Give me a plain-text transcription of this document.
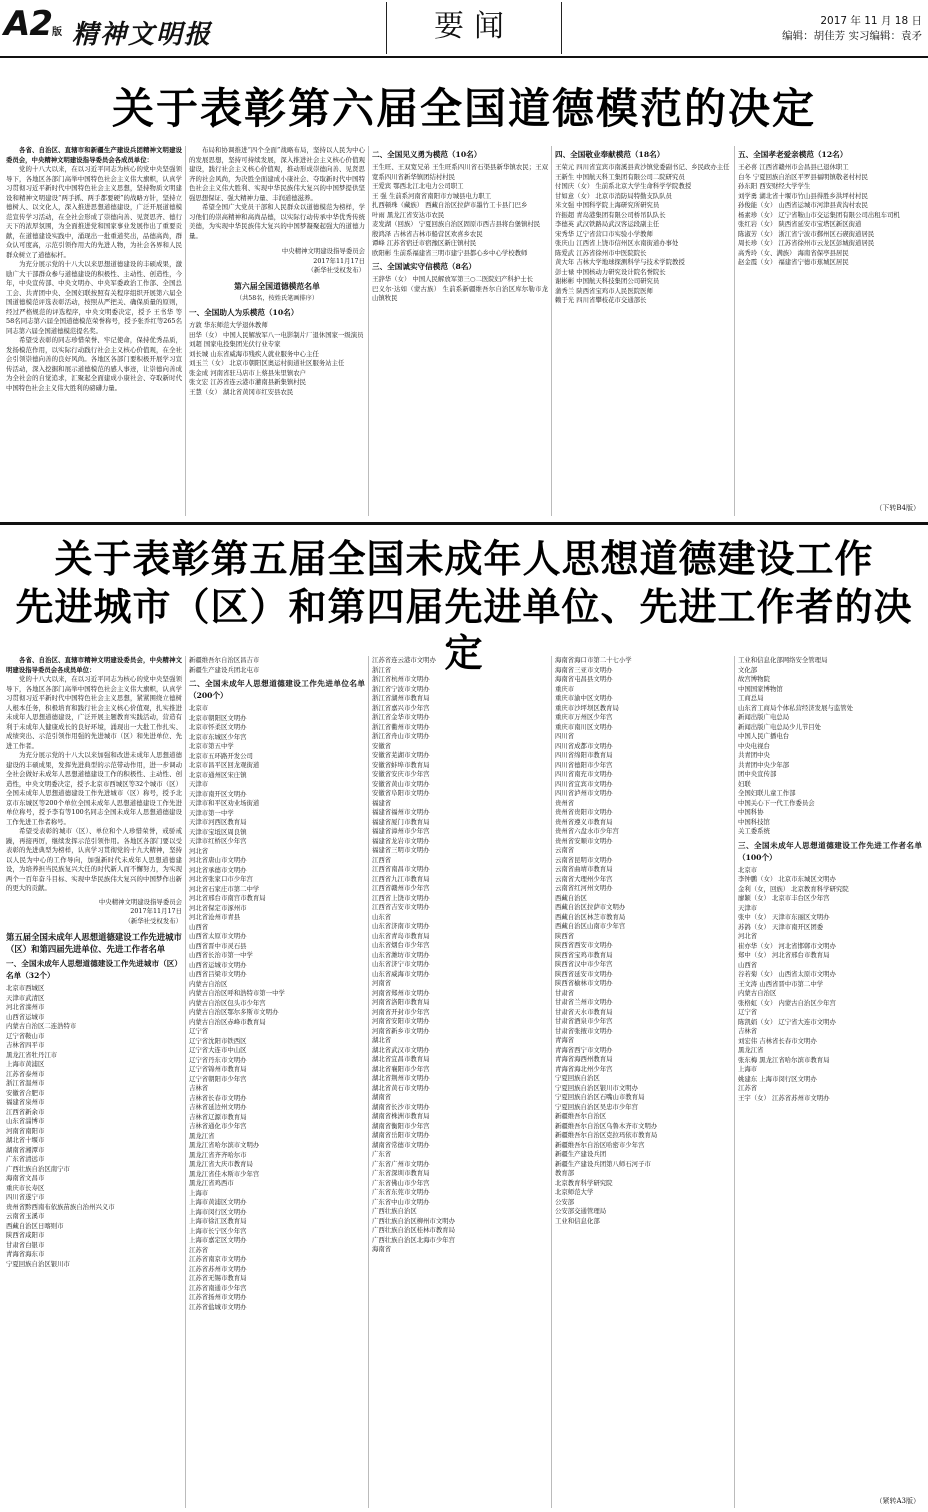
A2版 精神文明报	要闻	2017 年 11 月 18 日
编辑：胡佳芳 实习编辑：袁矛
关于表彰第六届全国道德模范的决定

各省、自治区、直辖市和新疆生产建设兵团精神文明建设委员会，中央精神文明建设指导委员会各成员单位：

党的十八大以来，在以习近平同志为核心的党中央坚强领导下，各地区各部门高举中国特色社会主义伟大旗帜，认真学习贯彻习近平新时代中国特色社会主义思想，坚持物质文明建设和精神文明建设“两手抓、两手都要硬”的战略方针，坚持立德树人、以文化人，深入推进思想道德建设，广泛开展道德模范宣传学习活动，在全社会形成了崇德向善、见贤思齐、德行天下的浓厚氛围，为全面推进党和国家事业发展作出了重要贡献，在道德建设实践中，涌现出一批重道奖出，品德高尚，群众认可度高，示范引领作用大的先进人物，为社会各界和人民群众树立了道德标杆。

为充分展示党的十八大以来思想道德建设的丰硕成果，激励广大干部群众参与道德建设的积极性、主动性、创造性，今年，中央宣传部、中央文明办、中央军委政治工作部、全国总工会、共青团中央、全国妇联按照有关程序组织开展第六届全国道德模范评选表彰活动，按照从严把关、确保质量的原则，经过严格规范的评选程序，中央文明委决定，授予 王书华 等58名同志第六届全国道德模范荣誉称号，授予张乔红等265名同志第六届全国道德模范提名奖。

希望受表彰的同志珍惜荣誉、牢记使命，保持优秀品质，发扬模范作用，以实际行动践行社会主义核心价值观，在全社会引领崇德向善的良好风尚。各地区各部门要积极开展学习宣传活动，深入挖掘和展示道德模范的感人事迹，让崇德向善成为全社会的自觉追求，汇聚起全面建成小康社会、夺取新时代中国特色社会主义伟大胜利的磅礴力量。

布局和协调推进“四个全面”战略布局，坚持以人民为中心的发展思想，坚持可持续发展，深入推进社会主义核心价值观建设，践行社会主义核心价值观，推动形成崇德向善、见贤思齐的社会风尚，为决胜全面建成小康社会、夺取新时代中国特色社会主义伟大胜利、实现中华民族伟大复兴的中国梦提供坚强思想保证、强大精神力量、丰润道德滋养。

希望全国广大党员干部和人民群众以道德模范为榜样，学习他们的崇高精神和高尚品德，以实际行动传承中华优秀传统美德，为实现中华民族伟大复兴的中国梦凝聚起强大的道德力量。

中央精神文明建设指导委员会

2017年11月17日

（新华社受权发布）

第六届全国道德模范名单

（共58名，按姓氏笔画排序）

一、全国助人为乐模范（10名）

方敦 华东师范大学退休教师
田华（女） 中国人民解放军八一电影制片厂退休国家一级演员
刘超 国家电投集团光伏行业专家
刘长城 山东省威海市残疾人就业服务中心主任
刘玉兰（女） 北京市朝阳区奥运村街道社区服务站主任
张金成 河南省驻马店市上蔡县朱里镇农户
张文宏 江苏省连云港市灌南县新集镇村民
王慧（女） 湖北省黄冈市红安县农民

二、全国见义勇为模范（10名）

王生旺、王双宽兄弟 王生旺系四川省石渠县新华镇农民；王双宽系四川省新华镇团结村村民
王爱宾 鄂西北江北电力公司职工
王 强 生前系河南省南阳市方城县电力职工
扎西顿珠（藏族） 西藏自治区拉萨市墨竹工卡县门巴乡
叶雨 黑龙江省安达市农民
麦发湖（回族） 宁夏回族自治区固原市西吉县将台堡镇村民
殷鸿泽 吉林省吉林市船营区欢喜乡农民
谭峰 江苏省宿迁市宿豫区新庄镇村民
欧阳彬 生前系福建省三明市建宁县都心乡中心学校教师

三、全国诚实守信模范（8名）

王辞华（女） 中国人民解放军第三○二医院妇产科护士长
巴义尔·达如（蒙古族） 生前系新疆维吾尔自治区库尔勒市龙山镇牧民

四、全国敬业奉献模范（18名）

王荣元 四川省宜宾市南溪县黄沙镇党委副书记、乡民政办主任
王新生 中国航天科工集团有限公司二院研究员
付国庆（女） 生前系北京大学生命科学学院教授
甘如意（女） 北京市消防局特勤支队队员
米文强 中国科学院上海研究所研究员
许振超 青岛港集团有限公司桥吊队队长
李德英 武汉铁路局武汉客运段副主任
宋秀华 辽宁省营口市实验小学教师
张庆山 江西省上饶市信州区水南街道办事处
陈爱武 江苏省徐州市中医院院长
黄大年 吉林大学地球探测科学与技术学院教授
彭士禄 中国核动力研究设计院名誉院长
谢彬彬 中国航天科技集团公司研究员
蒲秀兰 陕西省宝鸡市人民医院医师
赖于光 四川省攀枝花市交通部长

五、全国孝老爱亲模范（12名）

王必喜 江西省赣州市会昌县已退休职工
白冬 宁夏回族自治区平罗县福明镇敬老村村民
孙东阳 西安财经大学学生
刘学勇 湖北省十堰市竹山县得胜乡洪坪村村民
孙俊能（女） 山西省运城市河津县黄沟村农民
杨素珍（女） 辽宁省鞍山市交运集团有限公司出租车司机
张红岩（女） 陕西省延安市宝塔区新区街道
陈淑芳（女） 浙江省宁波市鄞州区石碶街道居民
周长珍（女） 江苏省徐州市云龙区彭城街道居民
高秀玲（女、满族） 海南省保亭县居民
赵金霞（女） 福建省宁德市蕉城区居民
（下转B4版）
关于表彰第五届全国未成年人思想道德建设工作
先进城市（区）和第四届先进单位、先进工作者的决定

各省、自治区、直辖市精神文明建设委员会，中央精神文明建设指导委员会各成员单位：

党的十八大以来，在以习近平同志为核心的党中央坚强领导下，各地区各部门高举中国特色社会主义伟大旗帜，认真学习贯彻习近平新时代中国特色社会主义思想，紧紧围绕立德树人根本任务，积极培育和践行社会主义核心价值观，扎实推进未成年人思想道德建设，广泛开展主题教育实践活动，营造有利于未成年人健康成长的良好环境，涌现出一大批工作扎实、成绩突出、示范引领作用强的先进城市（区）和先进单位、先进工作者。

为充分展示党的十八大以来加强和改进未成年人思想道德建设的丰硕成果，发挥先进典型的示范带动作用，进一步调动全社会做好未成年人思想道德建设工作的积极性、主动性、创造性，中央文明委决定，授予北京市西城区等32个城市（区）全国未成年人思想道德建设工作先进城市（区）称号，授予北京市东城区等200个单位全国未成年人思想道德建设工作先进单位称号，授予李有等100名同志全国未成年人思想道德建设工作先进工作者称号。

希望受表彰的城市（区）、单位和个人珍惜荣誉，戒骄戒躁，再接再厉，继续发挥示范引领作用。各地区各部门要以受表彰的先进典型为榜样，认真学习贯彻党的十九大精神，坚持以人民为中心的工作导向，加强新时代未成年人思想道德建设，为培养担当民族复兴大任的时代新人而不懈努力，为实现两个一百年奋斗目标、实现中华民族伟大复兴的中国梦作出新的更大的贡献。

中央精神文明建设指导委员会

2017年11月17日

（新华社受权发布）

第五届全国未成年人思想道德建设工作先进城市（区）和第四届先进单位、先进工作者名单

一、全国未成年人思想道德建设工作先进城市（区）名单（32个）

北京市西城区
天津市武清区
河北省滦州市
山西省运城市
内蒙古自治区二连浩特市
辽宁省鞍山市
吉林省四平市
黑龙江省牡丹江市
上海市黄浦区
江苏省泰州市
浙江省温州市
安徽省合肥市
福建省泉州市
江西省新余市
山东省淄博市
河南省南阳市
湖北省十堰市
湖南省湘潭市
广东省清远市
广西壮族自治区南宁市
海南省文昌市
重庆市长寿区
四川省遂宁市
贵州省黔西南布依族苗族自治州兴义市
云南省玉溪市
西藏自治区日喀则市
陕西省咸阳市
甘肃省白银市
青海省海东市
宁夏回族自治区银川市
新疆维吾尔自治区昌吉市
新疆生产建设兵团北屯市

二、全国未成年人思想道德建设工作先进单位名单（200个）

北京市
北京市朝阳区文明办
北京市怀柔区文明办
北京市东城区少年宫
北京市第五中学
北京市五环路开发公司
北京市昌平区回龙观街道
北京市通州区宋庄镇
天津市
天津市南开区文明办
天津市和平区劝业场街道
天津市第一中学
天津市河西区教育局
天津市宝坻区周良镇
天津市红桥区少年宫
河北省
河北省唐山市文明办
河北省承德市文明办
河北省张家口市少年宫
河北省石家庄市第二中学
河北省邢台市南宫市教育局
河北省保定市涿州市
河北省沧州市青县
山西省
山西省太原市文明办
山西省晋中市灵石县
山西省长治市第一中学
山西省运城市文明办
山西省吕梁市文明办
内蒙古自治区
内蒙古自治区呼和浩特市第一中学
内蒙古自治区包头市少年宫
内蒙古自治区鄂尔多斯市文明办
内蒙古自治区赤峰市教育局
辽宁省
辽宁省沈阳市铁西区
辽宁省大连市中山区
辽宁省丹东市文明办
辽宁省锦州市教育局
辽宁省朝阳市少年宫
吉林省
吉林省长春市文明办
吉林省延边州文明办
吉林省辽源市教育局
吉林省通化市少年宫
黑龙江省
黑龙江省哈尔滨市文明办
黑龙江省齐齐哈尔市
黑龙江省大庆市教育局
黑龙江省佳木斯市少年宫
黑龙江省鸡西市
上海市
上海市黄浦区文明办
上海市闵行区文明办
上海市徐汇区教育局
上海市长宁区少年宫
上海市嘉定区文明办
江苏省
江苏省南京市文明办
江苏省苏州市文明办
江苏省无锡市教育局
江苏省南通市少年宫
江苏省扬州市文明办
江苏省盐城市文明办
江苏省连云港市文明办
浙江省
浙江省杭州市文明办
浙江省宁波市文明办
浙江省湖州市教育局
浙江省嘉兴市少年宫
浙江省金华市文明办
浙江省衢州市文明办
浙江省舟山市文明办
安徽省
安徽省芜湖市文明办
安徽省蚌埠市教育局
安徽省安庆市少年宫
安徽省黄山市文明办
安徽省阜阳市文明办
福建省
福建省福州市文明办
福建省厦门市教育局
福建省漳州市少年宫
福建省龙岩市文明办
福建省三明市文明办
江西省
江西省南昌市文明办
江西省九江市教育局
江西省赣州市少年宫
江西省上饶市文明办
江西省吉安市文明办
山东省
山东省济南市文明办
山东省青岛市教育局
山东省烟台市少年宫
山东省潍坊市文明办
山东省济宁市文明办
山东省威海市文明办
河南省
河南省郑州市文明办
河南省洛阳市教育局
河南省开封市少年宫
河南省安阳市文明办
河南省新乡市文明办
湖北省
湖北省武汉市文明办
湖北省宜昌市教育局
湖北省襄阳市少年宫
湖北省荆州市文明办
湖北省黄石市文明办
湖南省
湖南省长沙市文明办
湖南省株洲市教育局
湖南省衡阳市少年宫
湖南省岳阳市文明办
湖南省常德市文明办
广东省
广东省广州市文明办
广东省深圳市教育局
广东省佛山市少年宫
广东省东莞市文明办
广东省中山市文明办
广西壮族自治区
广西壮族自治区柳州市文明办
广西壮族自治区桂林市教育局
广西壮族自治区北海市少年宫
海南省
海南省海口市第二十七小学
海南省三亚市文明办
海南省屯昌县文明办
重庆市
重庆市渝中区文明办
重庆市沙坪坝区教育局
重庆市万州区少年宫
重庆市南川区文明办
四川省
四川省成都市文明办
四川省绵阳市教育局
四川省德阳市少年宫
四川省南充市文明办
四川省宜宾市文明办
四川省泸州市文明办
贵州省
贵州省贵阳市文明办
贵州省遵义市教育局
贵州省六盘水市少年宫
贵州省安顺市文明办
云南省
云南省昆明市文明办
云南省曲靖市教育局
云南省大理州少年宫
云南省红河州文明办
西藏自治区
西藏自治区拉萨市文明办
西藏自治区林芝市教育局
西藏自治区山南市少年宫
陕西省
陕西省西安市文明办
陕西省宝鸡市教育局
陕西省汉中市少年宫
陕西省延安市文明办
陕西省榆林市文明办
甘肃省
甘肃省兰州市文明办
甘肃省天水市教育局
甘肃省酒泉市少年宫
甘肃省张掖市文明办
青海省
青海省西宁市文明办
青海省海西州教育局
青海省海北州少年宫
宁夏回族自治区
宁夏回族自治区银川市文明办
宁夏回族自治区石嘴山市教育局
宁夏回族自治区吴忠市少年宫
新疆维吾尔自治区
新疆维吾尔自治区乌鲁木齐市文明办
新疆维吾尔自治区克拉玛依市教育局
新疆维吾尔自治区哈密市少年宫
新疆生产建设兵团
新疆生产建设兵团第八师石河子市
教育部
北京教育科学研究院
北京师范大学
公安部
公安部交通管理局
工业和信息化部
工业和信息化部网络安全管理局
文化部
故宫博物院
中国国家博物馆
工商总局
山东省工商局个体私营经济发展与监管处
新闻出版广电总局
新闻出版广电总局少儿节目处
中国人民广播电台
中央电视台
共青团中央
共青团中央少年部
团中央宣传部
妇联
全国妇联儿童工作部
中国关心下一代工作委员会
中国科协
中国科技馆
关工委系统

三、全国未成年人思想道德建设工作先进工作者名单（100个）

北京市
李钟鹏（女） 北京市东城区文明办
金利（女，回族） 北京教育科学研究院
廖颖（女） 北京市丰台区少年宫
天津市
张中（女） 天津市东丽区文明办
苏鸽（女） 天津市南开区团委
河北省
崔亦华（女） 河北省邯郸市文明办
郑中（女） 河北省邢台市教育局
山西省
谷若菊（女） 山西省太原市文明办
王文涛 山西省晋中市第二中学
内蒙古自治区
张格虹（女） 内蒙古自治区少年宫
辽宁省
陈凯娟（女） 辽宁省大连市文明办
吉林省
刘宏伟 吉林省长春市文明办
黑龙江省
张东梅 黑龙江省哈尔滨市教育局
上海市
姚建东 上海市闵行区文明办
江苏省
王宇（女） 江苏省苏州市文明办
（紧转A3版）
